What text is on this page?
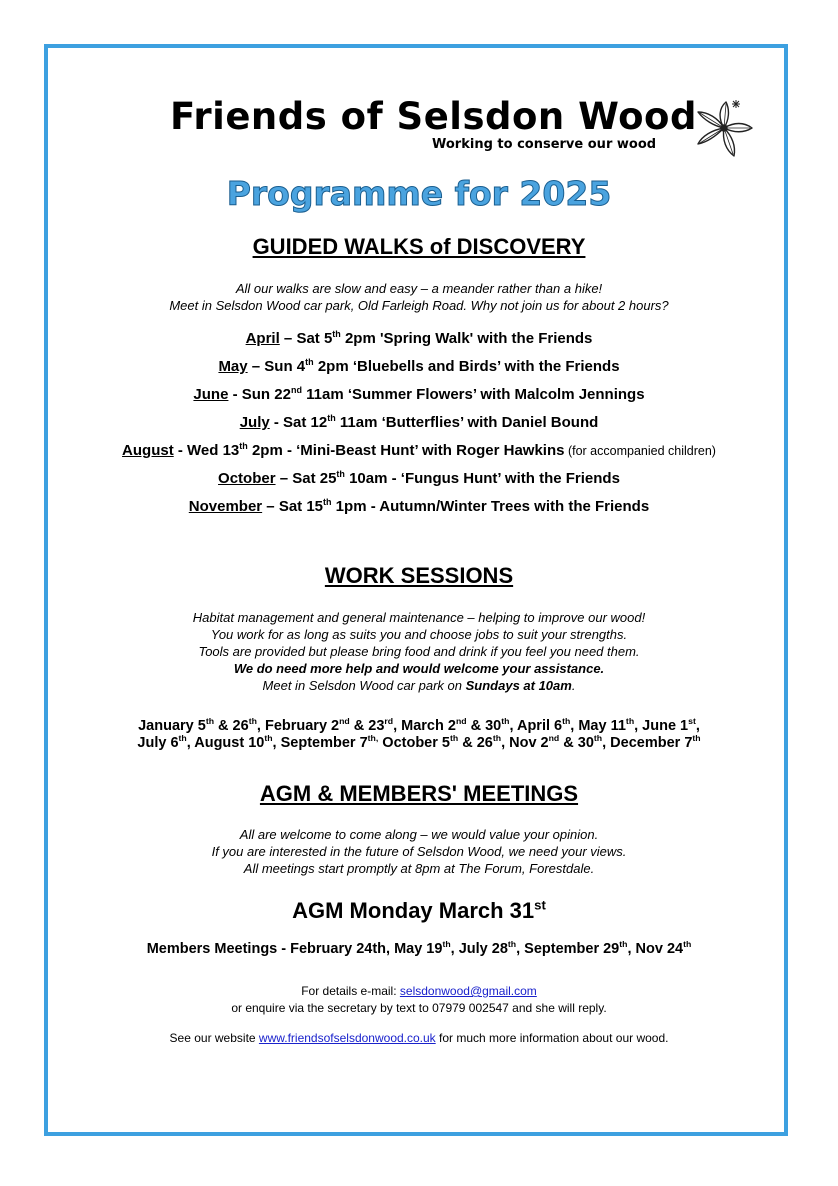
Friends of Selsdon Wood
Working to conserve our wood
Programme for 2025
GUIDED WALKS of DISCOVERY
All our walks are slow and easy – a meander rather than a hike!
Meet in Selsdon Wood car park, Old Farleigh Road. Why not join us for about 2 hours?
April – Sat 5th 2pm 'Spring Walk' with the Friends
May – Sun 4th 2pm ‘Bluebells and Birds’ with the Friends
June - Sun 22nd 11am ‘Summer Flowers’ with Malcolm Jennings
July - Sat 12th 11am ‘Butterflies’ with Daniel Bound
August - Wed 13th 2pm - ‘Mini-Beast Hunt’ with Roger Hawkins (for accompanied children)
October – Sat 25th 10am - ‘Fungus Hunt’ with the Friends
November – Sat 15th 1pm - Autumn/Winter Trees with the Friends
WORK SESSIONS
Habitat management and general maintenance – helping to improve our wood!
You work for as long as suits you and choose jobs to suit your strengths.
Tools are provided but please bring food and drink if you feel you need them.
We do need more help and would welcome your assistance.
Meet in Selsdon Wood car park on Sundays at 10am.
January 5th & 26th, February 2nd & 23rd, March 2nd & 30th, April 6th, May 11th, June 1st,
July 6th, August 10th, September $7^{th,}$ October 5th & 26th, Nov 2nd & 30th, December 7th
AGM & MEMBERS' MEETINGS
All are welcome to come along – we would value your opinion.
If you are interested in the future of Selsdon Wood, we need your views.
All meetings start promptly at 8pm at The Forum, Forestdale.
AGM Monday March 31st
Members Meetings - February 24th, May 19th, July 28th, September 29th, Nov 24th
For details e-mail: selsdonwood@gmail.com
or enquire via the secretary by text to 07979 002547 and she will reply.
See our website www.friendsofselsdonwood.co.uk for much more information about our wood.
